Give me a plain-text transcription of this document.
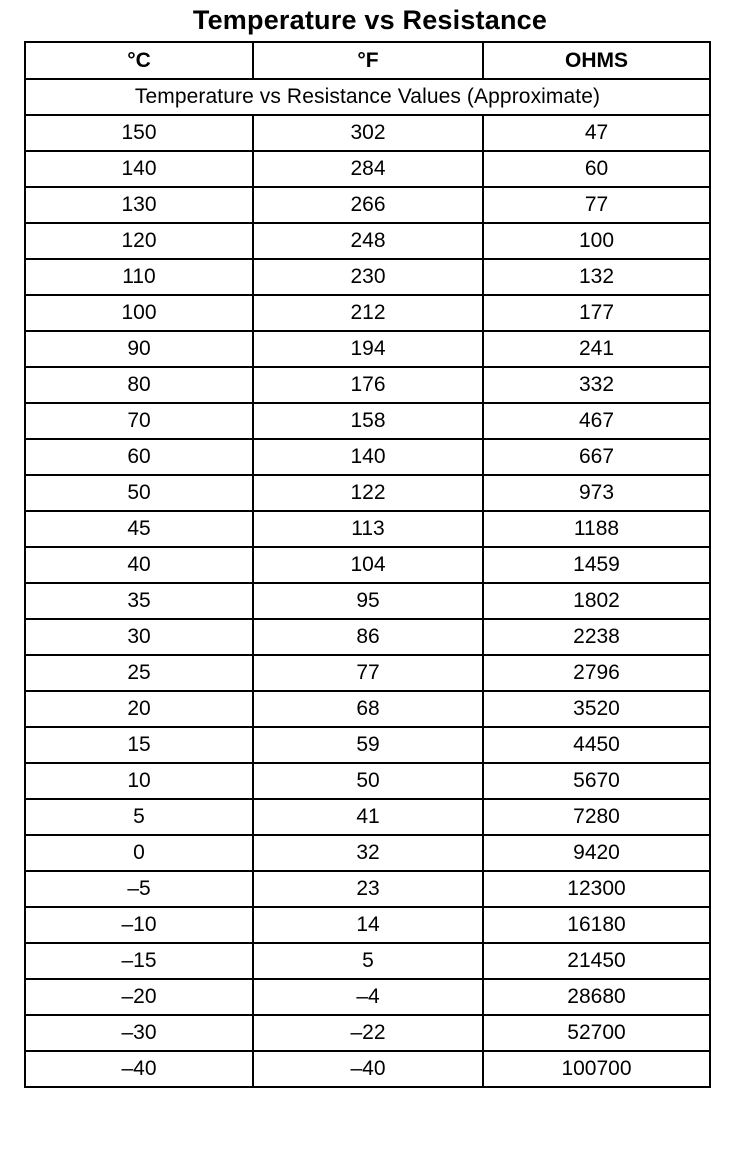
Temperature vs Resistance
°C	°F	OHMS
Temperature vs Resistance Values (Approximate)		
150	302	47
140	284	60
130	266	77
120	248	100
110	230	132
100	212	177
90	194	241
80	176	332
70	158	467
60	140	667
50	122	973
45	113	1188
40	104	1459
35	95	1802
30	86	2238
25	77	2796
20	68	3520
15	59	4450
10	50	5670
5	41	7280
0	32	9420
–5	23	12300
–10	14	16180
–15	5	21450
–20	–4	28680
–30	–22	52700
–40	–40	100700
